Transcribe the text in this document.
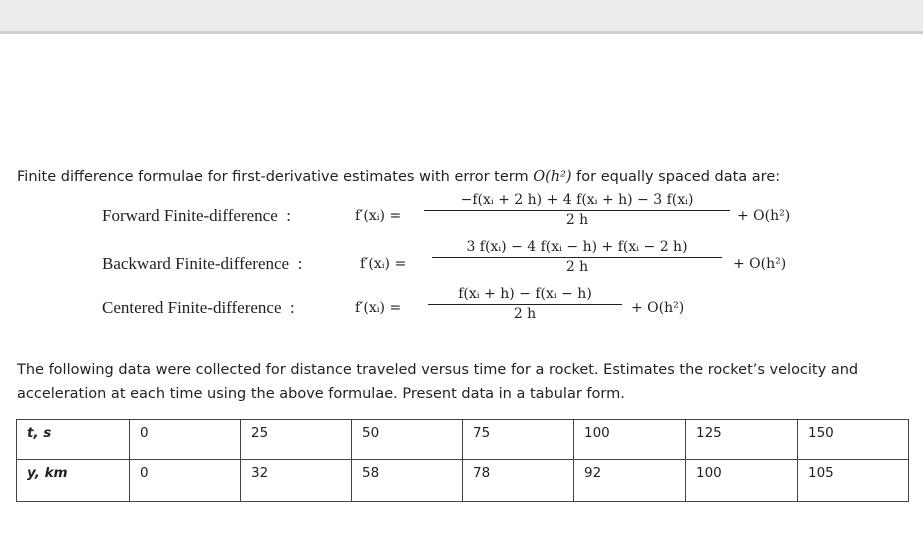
Finite difference formulae for first-derivative estimates with error term O(h²) for equally spaced data are:
Forward Finite-difference :	f′(xᵢ) =
−f(xᵢ + 2 h) + 4 f(xᵢ + h) − 3 f(xᵢ)
2 h	+ O(h²)
Backward Finite-difference :	f′(xᵢ) =
3 f(xᵢ) − 4 f(xᵢ − h) + f(xᵢ − 2 h)
2 h	+ O(h²)
Centered Finite-difference :	f′(xᵢ) =
f(xᵢ + h) − f(xᵢ − h)
2 h	+ O(h²)
The following data were collected for distance traveled versus time for a rocket. Estimates the rocket’s velocity and acceleration at each time using the above formulae. Present data in a tabular form.
t, s	0	25	50	75	100	125	150
y, km	0	32	58	78	92	100	105
